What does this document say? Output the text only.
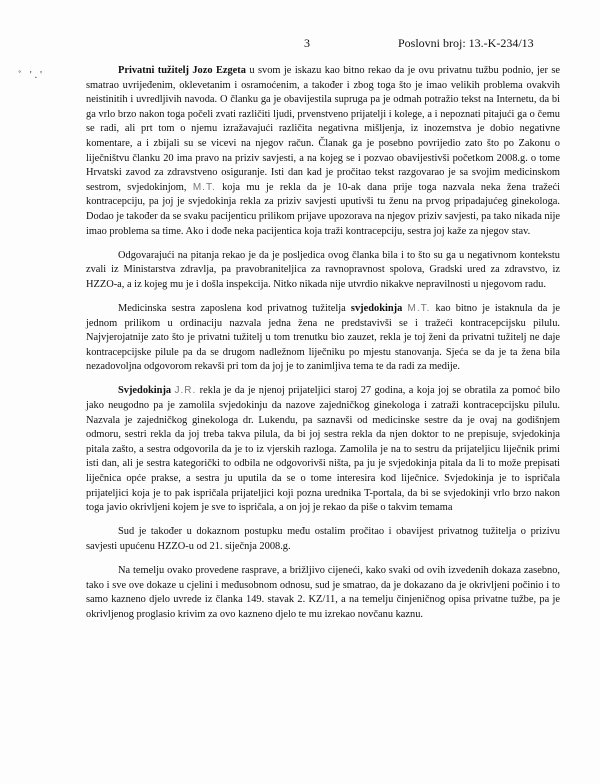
3	Poslovni broj: 13.-K-234/13
˚ '.'	Privatni tužitelj Jozo Ezgeta u svom je iskazu kao bitno rekao da je ovu privatnu tužbu podnio, jer se smatrao uvrijeđenim, oklevetanim i osramoćenim, a također i zbog toga što je imao velikih problema ovakvih neistinitih i uvredljivih navoda. O članku ga je obavijestila supruga pa je odmah potražio tekst na Internetu, da bi ga vrlo brzo nakon toga počeli zvati različiti ljudi, prvenstveno prijatelji i kolege, a i nepoznati pitajući ga o čemu se radi, ali prt tom o njemu izražavajući različita negativna mišljenja, iz inozemstva je dobio negativne komentare, a i zbijali su se vicevi na njegov račun. Članak ga je posebno povrijedio zato što po Zakonu o liječništvu članku 20 ima pravo na priziv savjesti, a na kojeg se i pozvao obavijestivši početkom 2008.g. o tome Hrvatski zavod za zdravstveno osiguranje. Isti dan kad je pročitao tekst razgovarao je sa svojim medicinskom sestrom, svjedokinjom, M.T. koja mu je rekla da je 10-ak dana prije toga nazvala neka žena tražeći kontracepciju, pa joj je svjedokinja rekla za priziv savjesti uputivši tu ženu na prvog pripadajućeg ginekologa. Dodao je također da se svaku pacijenticu prilikom prijave upozorava na njegov priziv savjesti, pa tako nikada nije imao problema sa time. Ako i dođe neka pacijentica koja traži kontracepciju, sestra joj kaže za njegov stav.

Odgovarajući na pitanja rekao je da je posljedica ovog članka bila i to što su ga u negativnom kontekstu zvali iz Ministarstva zdravlja, pa pravobraniteljica za ravnopravnost spolova, Gradski ured za zdravstvo, iz HZZO-a, a iz kojeg mu je i došla inspekcija. Nitko nikada nije utvrdio nikakve nepravilnosti u njegovom radu.

Medicinska sestra zaposlena kod privatnog tužitelja svjedokinja M.T. kao bitno je istaknula da je jednom prilikom u ordinaciju nazvala jedna žena ne predstavivši se i tražeći kontracepcijsku pilulu. Najvjerojatnije zato što je privatni tužitelj u tom trenutku bio zauzet, rekla je toj ženi da privatni tužitelj ne daje kontracepcijske pilule pa da se drugom nadležnom liječniku po mjestu stanovanja. Sjeća se da je ta žena bila nezadovoljna odgovorom rekavši pri tom da joj je to zanimljiva tema te da radi za medije.

Svjedokinja J.R. rekla je da je njenoj prijateljici staroj 27 godina, a koja joj se obratila za pomoć bilo jako neugodno pa je zamolila svjedokinju da nazove zajedničkog ginekologa i zatraži kontracepcijsku pilulu. Nazvala je zajedničkog ginekologa dr. Lukendu, pa saznavši od medicinske sestre da je ovaj na godišnjem odmoru, sestri rekla da joj treba takva pilula, da bi joj sestra rekla da njen doktor to ne prepisuje, svjedokinja pitala zašto, a sestra odgovorila da je to iz vjerskih razloga. Zamolila je na to sestru da prijateljicu liječnik primi isti dan, ali je sestra kategorički to odbila ne odgovorivši ništa, pa ju je svjedokinja pitala da li to može prepisati liječnica opće prakse, a sestra ju uputila da se o tome interesira kod liječnice. Svjedokinja je to ispričala prijateljici koja je to pak ispričala prijateljici koji pozna urednika T-portala, da bi se svjedokinji vrlo brzo nakon toga javio okrivljeni kojem je sve to ispričala, a on joj je rekao da piše o takvim temama

Sud je također u dokaznom postupku među ostalim pročitao i obavijest privatnog tužitelja o prizivu savjesti upućenu HZZO-u od 21. siječnja 2008.g.

Na temelju ovako provedene rasprave, a brižljivo cijeneći, kako svaki od ovih izvedenih dokaza zasebno, tako i sve ove dokaze u cjelini i međusobnom odnosu, sud je smatrao, da je dokazano da je okrivljeni počinio i to samo kazneno djelo uvrede iz članka 149. stavak 2. KZ/11, a na temelju činjeničnog opisa privatne tužbe, pa je okrivljenog proglasio krivim za ovo kazneno djelo te mu izrekao novčanu kaznu.
